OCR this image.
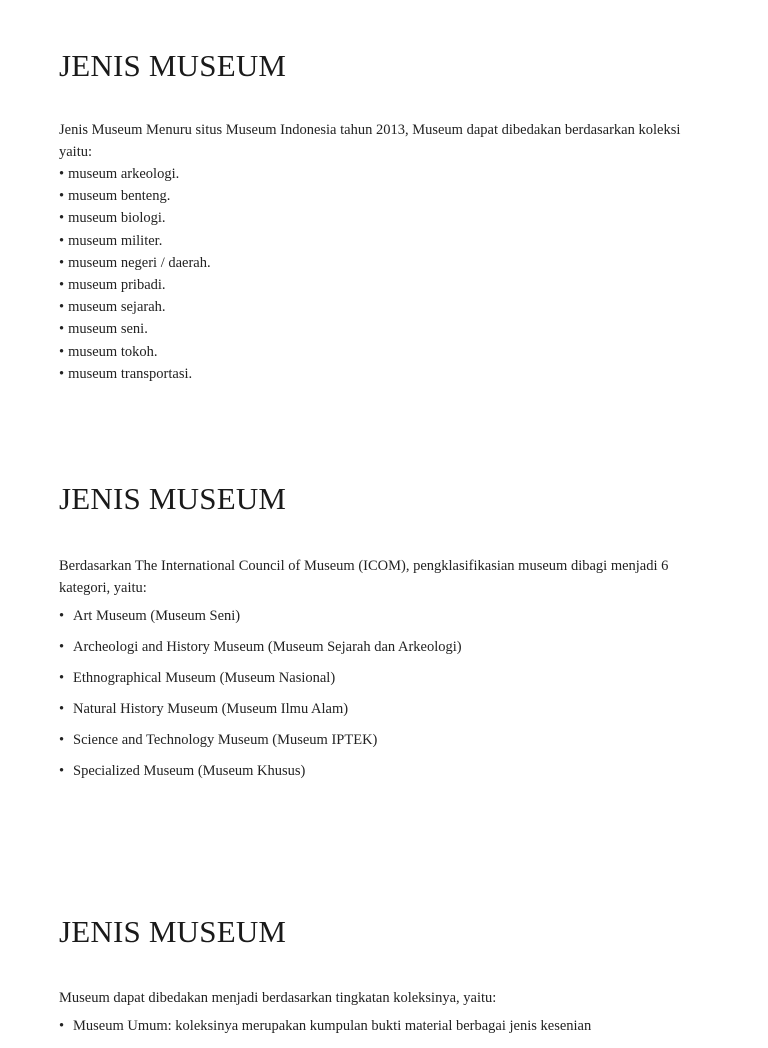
JENIS MUSEUM

Jenis Museum Menuru situs Museum Indonesia tahun 2013, Museum dapat dibedakan berdasarkan koleksi yaitu:

• museum arkeologi.
• museum benteng.
• museum biologi.
• museum militer.
• museum negeri / daerah.
• museum pribadi.
• museum sejarah.
• museum seni.
• museum tokoh.
• museum transportasi.
JENIS MUSEUM

Berdasarkan The International Council of Museum (ICOM), pengklasifikasian museum dibagi menjadi 6 kategori, yaitu:

• Art Museum (Museum Seni)
• Archeologi and History Museum (Museum Sejarah dan Arkeologi)
• Ethnographical Museum (Museum Nasional)
• Natural History Museum (Museum Ilmu Alam)
• Science and Technology Museum (Museum IPTEK)
• Specialized Museum (Museum Khusus)
JENIS MUSEUM

Museum dapat dibedakan menjadi berdasarkan tingkatan koleksinya, yaitu:

• Museum Umum: koleksinya merupakan kumpulan bukti material berbagai jenis kesenian
